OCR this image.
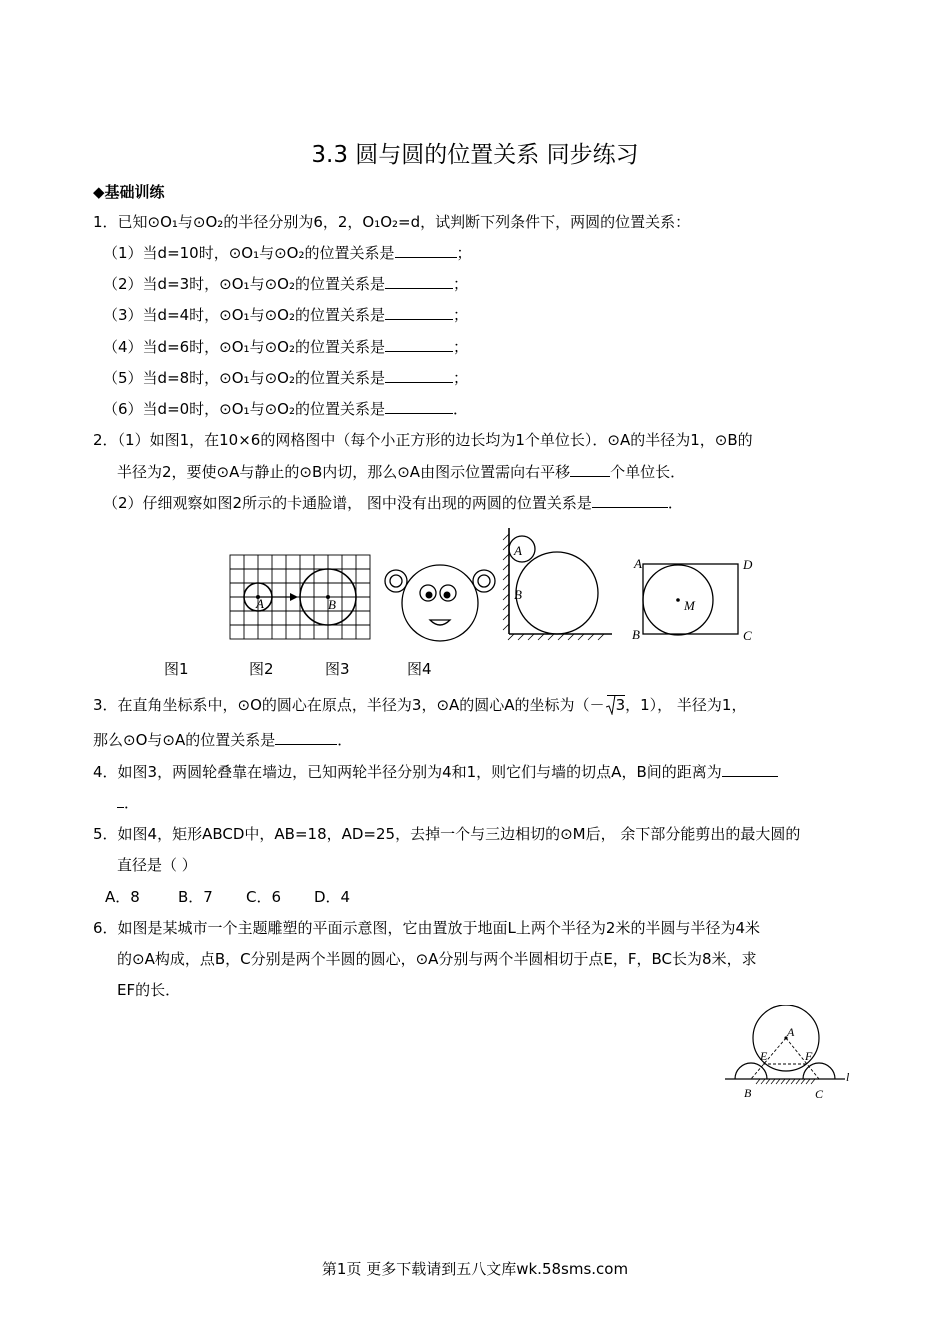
3.3 圆与圆的位置关系 同步练习
◆基础训练
1．已知⊙O₁与⊙O₂的半径分别为6，2，O₁O₂=d，试判断下列条件下，两圆的位置关系：
（1）当d=10时，⊙O₁与⊙O₂的位置关系是	；
（2）当d=3时，⊙O₁与⊙O₂的位置关系是	；
（3）当d=4时，⊙O₁与⊙O₂的位置关系是	；
（4）当d=6时，⊙O₁与⊙O₂的位置关系是	；
（5）当d=8时，⊙O₁与⊙O₂的位置关系是	；
（6）当d=0时，⊙O₁与⊙O₂的位置关系是	．
2．（1）如图1，在10×6的网格图中（每个小正方形的边长均为1个单位长）．⊙A的半径为1，⊙B的
半径为2，要使⊙A与静止的⊙B内切，那么⊙A由图示位置需向右平移	个单位长．
（2）仔细观察如图2所示的卡通脸谱， 图中没有出现的两圆的位置关系是	．
A	B
A
B
A	D
M
B	C
图1	图2	图3	图4
3．在直角坐标系中，⊙O的圆心在原点，半径为3，⊙A的圆心A的坐标为（－ 3，1）， 半径为1，
那么⊙O与⊙A的位置关系是	．
4．如图3，两圆轮叠靠在墙边，已知两轮半径分别为4和1，则它们与墙的切点A，B间的距离为
．
5．如图4，矩形ABCD中，AB=18，AD=25，去掉一个与三边相切的⊙M后， 余下部分能剪出的最大圆的
直径是（ ）
A．8	B．7 C．6 D．4
6．如图是某城市一个主题雕塑的平面示意图，它由置放于地面L上两个半径为2米的半圆与半径为4米
的⊙A构成，点B，C分别是两个半圆的圆心，⊙A分别与两个半圆相切于点E，F，BC长为8米，求
EF的长．
A
E	F
l
B	C
第1页 更多下载请到五八文库wk.58sms.com
